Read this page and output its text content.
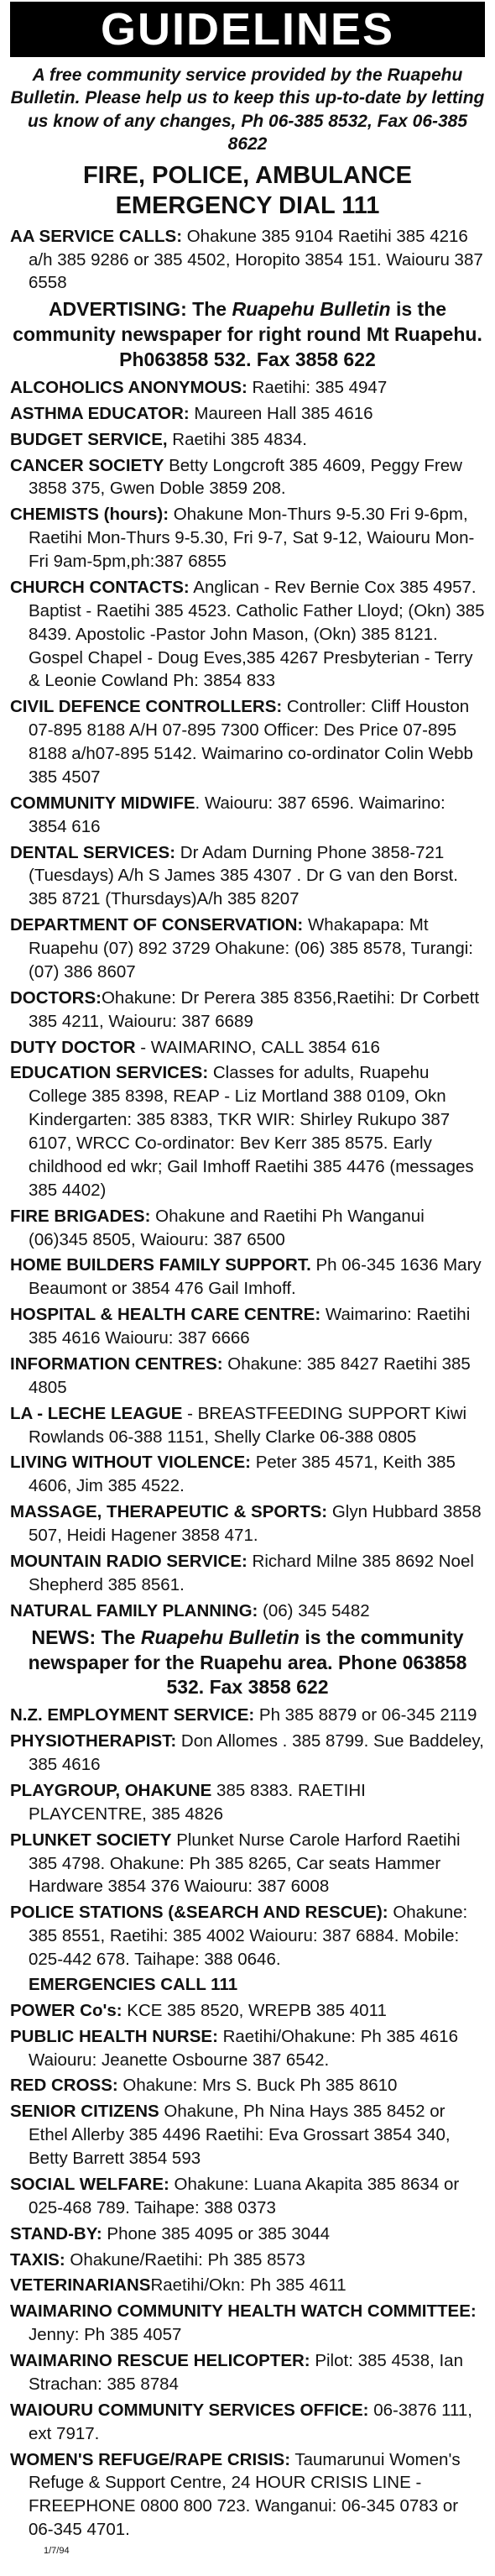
GUIDELINES
A free community service provided by the Ruapehu Bulletin. Please help us to keep this up-to-date by letting us know of any changes, Ph 06-385 8532, Fax 06-385 8622
FIRE, POLICE, AMBULANCE EMERGENCY DIAL 111
AA SERVICE CALLS: Ohakune 385 9104 Raetihi 385 4216 a/h 385 9286 or 385 4502, Horopito 3854 151. Waiouru 387 6558
ADVERTISING: The Ruapehu Bulletin is the community newspaper for right round Mt Ruapehu. Ph063858 532. Fax 3858 622
ALCOHOLICS ANONYMOUS: Raetihi: 385 4947
ASTHMA EDUCATOR: Maureen Hall 385 4616
BUDGET SERVICE, Raetihi 385 4834.
CANCER SOCIETY Betty Longcroft 385 4609, Peggy Frew 3858 375, Gwen Doble 3859 208.
CHEMISTS (hours): Ohakune Mon-Thurs 9-5.30 Fri 9-6pm, Raetihi Mon-Thurs 9-5.30, Fri 9-7, Sat 9-12, Waiouru Mon-Fri 9am-5pm,ph:387 6855
CHURCH CONTACTS: Anglican - Rev Bernie Cox 385 4957. Baptist - Raetihi 385 4523. Catholic Father Lloyd; (Okn) 385 8439. Apostolic -Pastor John Mason, (Okn) 385 8121. Gospel Chapel - Doug Eves,385 4267 Presbyterian - Terry & Leonie Cowland Ph: 3854 833
CIVIL DEFENCE CONTROLLERS: Controller: Cliff Houston 07-895 8188 A/H 07-895 7300 Officer: Des Price 07-895 8188 a/h07-895 5142. Waimarino co-ordinator Colin Webb 385 4507
COMMUNITY MIDWIFE. Waiouru: 387 6596. Waimarino: 3854 616
DENTAL SERVICES: Dr Adam Durning Phone 3858-721 (Tuesdays) A/h S James 385 4307 . Dr G van den Borst. 385 8721 (Thursdays)A/h 385 8207
DEPARTMENT OF CONSERVATION: Whakapapa: Mt Ruapehu (07) 892 3729 Ohakune: (06) 385 8578, Turangi: (07) 386 8607
DOCTORS:Ohakune: Dr Perera 385 8356,Raetihi: Dr Corbett 385 4211, Waiouru: 387 6689
DUTY DOCTOR - WAIMARINO, CALL 3854 616
EDUCATION SERVICES: Classes for adults, Ruapehu College 385 8398, REAP - Liz Mortland 388 0109, Okn Kindergarten: 385 8383, TKR WIR: Shirley Rukupo 387 6107, WRCC Co-ordinator: Bev Kerr 385 8575. Early childhood ed wkr; Gail Imhoff Raetihi 385 4476 (messages 385 4402)
FIRE BRIGADES: Ohakune and Raetihi Ph Wanganui (06)345 8505, Waiouru: 387 6500
HOME BUILDERS FAMILY SUPPORT. Ph 06-345 1636 Mary Beaumont or 3854 476 Gail Imhoff.
HOSPITAL & HEALTH CARE CENTRE: Waimarino: Raetihi 385 4616 Waiouru: 387 6666
INFORMATION CENTRES: Ohakune: 385 8427 Raetihi 385 4805
LA - LECHE LEAGUE - BREASTFEEDING SUPPORT Kiwi Rowlands 06-388 1151, Shelly Clarke 06-388 0805
LIVING WITHOUT VIOLENCE: Peter 385 4571, Keith 385 4606, Jim 385 4522.
MASSAGE, THERAPEUTIC & SPORTS: Glyn Hubbard 3858 507, Heidi Hagener 3858 471.
MOUNTAIN RADIO SERVICE: Richard Milne 385 8692 Noel Shepherd 385 8561.
NATURAL FAMILY PLANNING: (06) 345 5482
NEWS: The Ruapehu Bulletin is the community newspaper for the Ruapehu area. Phone 063858 532. Fax 3858 622
N.Z. EMPLOYMENT SERVICE: Ph 385 8879 or 06-345 2119
PHYSIOTHERAPIST: Don Allomes . 385 8799. Sue Baddeley, 385 4616
PLAYGROUP, OHAKUNE 385 8383. RAETIHI PLAYCENTRE, 385 4826
PLUNKET SOCIETY Plunket Nurse Carole Harford Raetihi 385 4798. Ohakune: Ph 385 8265, Car seats Hammer Hardware 3854 376 Waiouru: 387 6008
POLICE STATIONS (&SEARCH AND RESCUE): Ohakune: 385 8551, Raetihi: 385 4002 Waiouru: 387 6884. Mobile: 025-442 678. Taihape: 388 0646.
EMERGENCIES CALL 111
POWER Co's: KCE 385 8520, WREPB 385 4011
PUBLIC HEALTH NURSE: Raetihi/Ohakune: Ph 385 4616 Waiouru: Jeanette Osbourne 387 6542.
RED CROSS: Ohakune: Mrs S. Buck Ph 385 8610
SENIOR CITIZENS Ohakune, Ph Nina Hays 385 8452 or Ethel Allerby 385 4496 Raetihi: Eva Grossart 3854 340, Betty Barrett 3854 593
SOCIAL WELFARE: Ohakune: Luana Akapita 385 8634 or 025-468 789. Taihape: 388 0373
STAND-BY: Phone 385 4095 or 385 3044
TAXIS: Ohakune/Raetihi: Ph 385 8573
VETERINARIANSRaetihi/Okn: Ph 385 4611
WAIMARINO COMMUNITY HEALTH WATCH COMMITTEE: Jenny: Ph 385 4057
WAIMARINO RESCUE HELICOPTER: Pilot: 385 4538, Ian Strachan: 385 8784
WAIOURU COMMUNITY SERVICES OFFICE: 06-3876 111, ext 7917.
WOMEN'S REFUGE/RAPE CRISIS: Taumarunui Women's Refuge & Support Centre, 24 HOUR CRISIS LINE - FREEPHONE 0800 800 723. Wanganui: 06-345 0783 or 06-345 4701.
1/7/94
